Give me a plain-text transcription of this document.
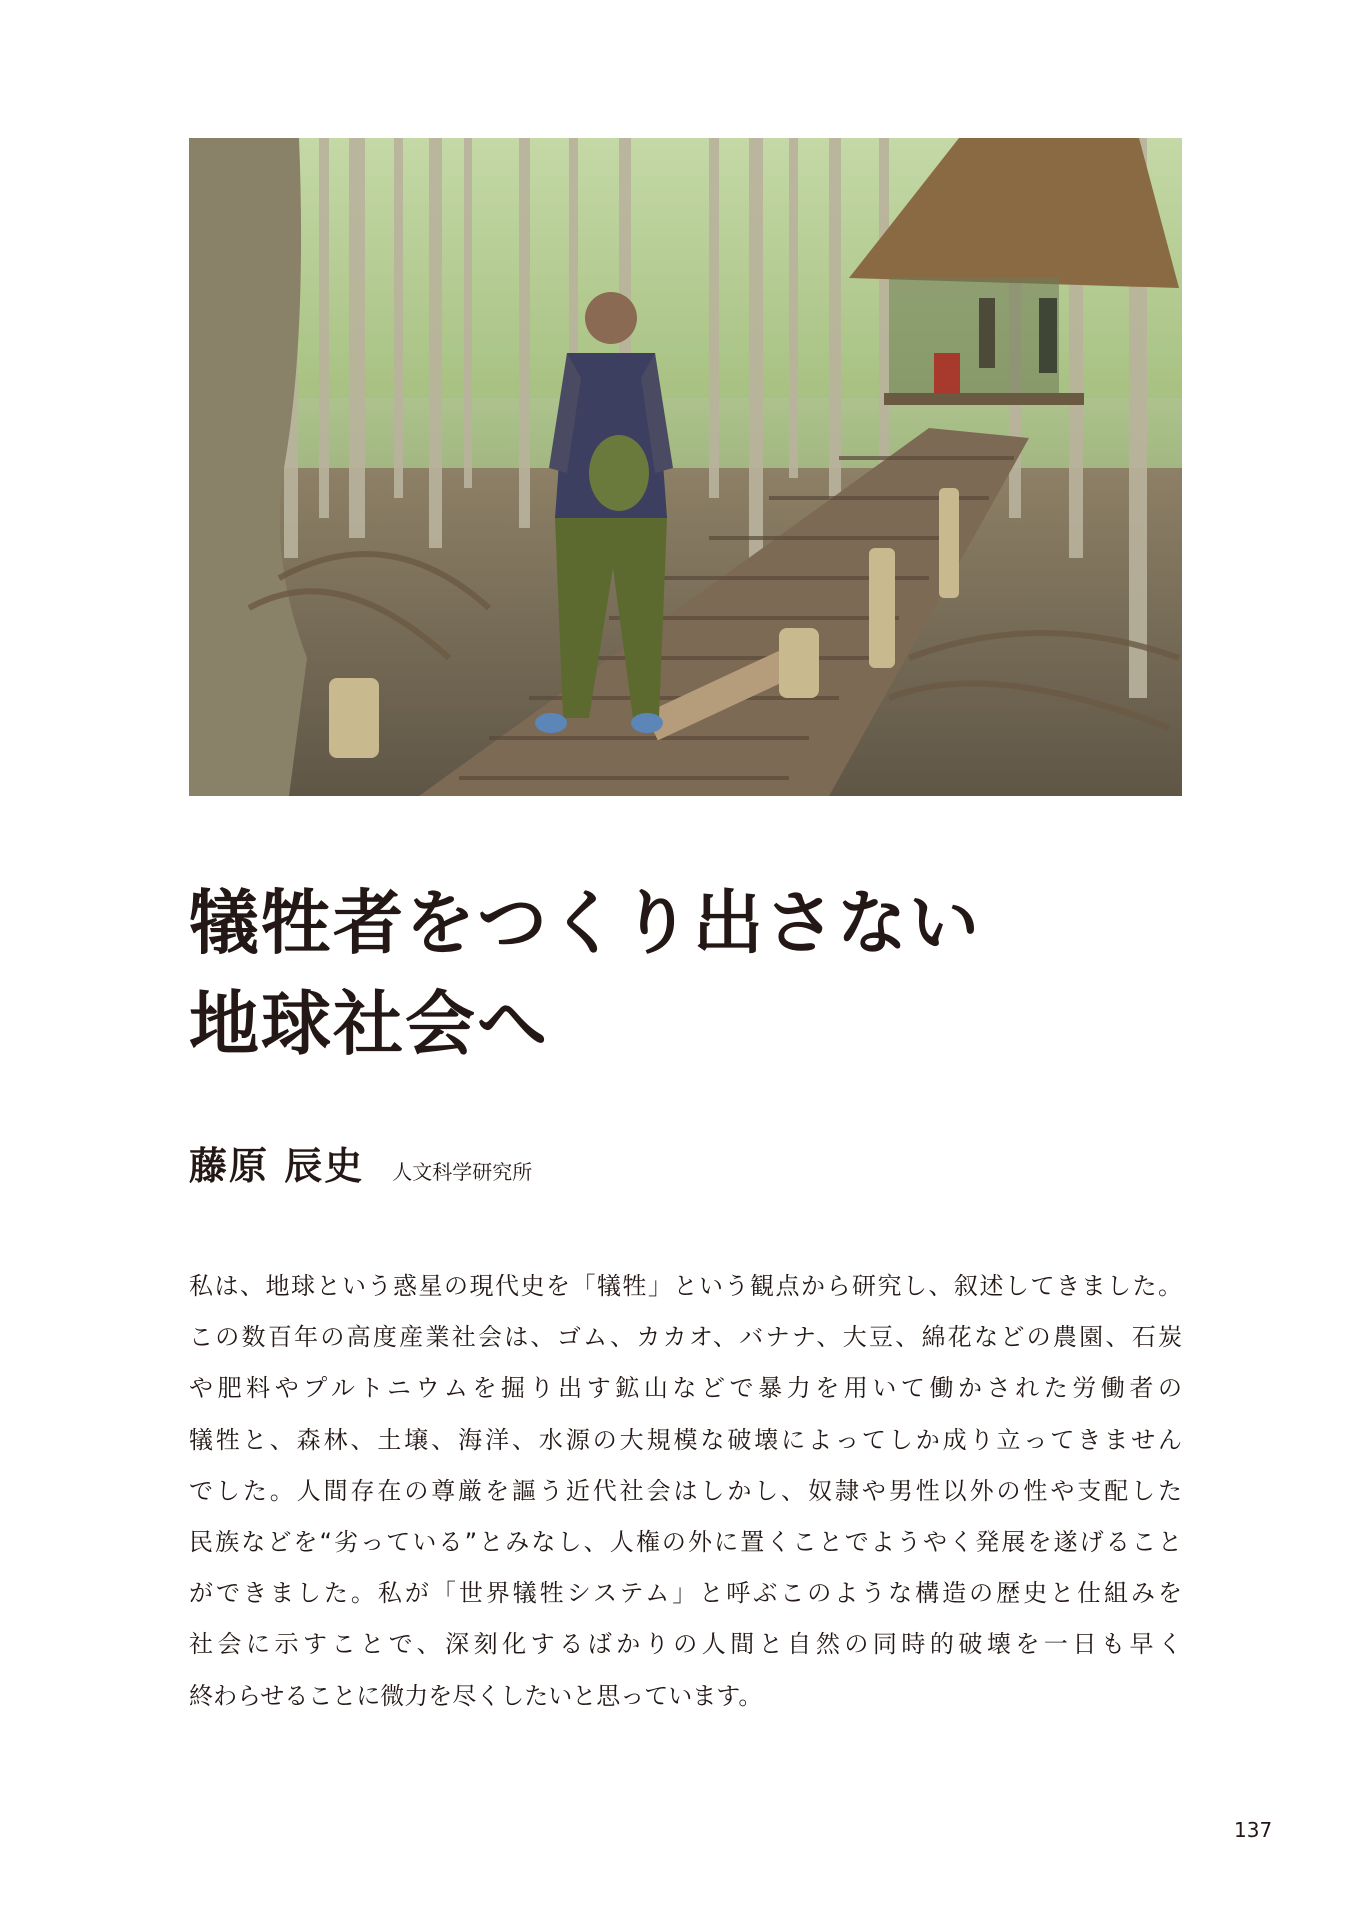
犠牲者をつくり出さない
地球社会へ
藤原 辰史 人文科学研究所

私は、地球という惑星の現代史を「犠牲」という観点から研究し、叙述してきました。
この数百年の高度産業社会は、ゴム、カカオ、バナナ、大豆、綿花などの農園、石炭
や肥料やプルトニウムを掘り出す鉱山などで暴力を用いて働かされた労働者の
犠牲と、森林、土壌、海洋、水源の大規模な破壊によってしか成り立ってきません
でした。人間存在の尊厳を謳う近代社会はしかし、奴隷や男性以外の性や支配した
民族などを“劣っている”とみなし、人権の外に置くことでようやく発展を遂げること
ができました。私が「世界犠牲システム」と呼ぶこのような構造の歴史と仕組みを
社会に示すことで、深刻化するばかりの人間と自然の同時的破壊を一日も早く
終わらせることに微力を尽くしたいと思っています。

137
